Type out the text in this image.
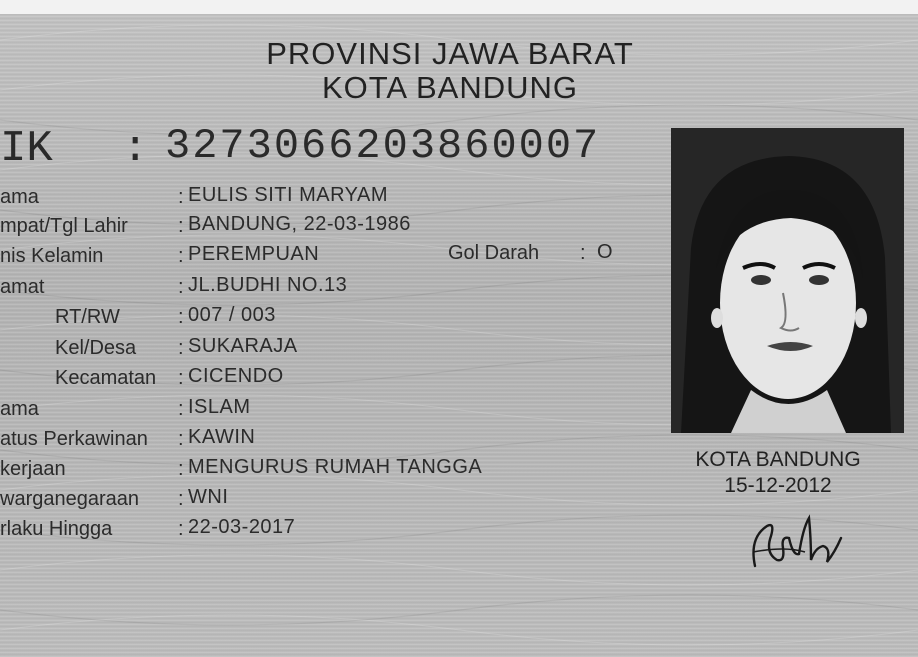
PROVINSI JAWA BARAT
KOTA BANDUNG
IK : 3273066203860007
ama	: EULIS SITI MARYAM
mpat/Tgl Lahir	: BANDUNG, 22-03-1986
nis Kelamin	: PEREMPUAN	Gol Darah : O
amat	: JL.BUDHI NO.13
RT/RW	: 007 / 003
Kel/Desa : SUKARAJA
Kecamatan : CICENDO
ama	: ISLAM
atus Perkawinan : KAWIN
kerjaan	: MENGURUS RUMAH TANGGA
warganegaraan : WNI
rlaku Hingga	: 22-03-2017
KOTA BANDUNG
15-12-2012
